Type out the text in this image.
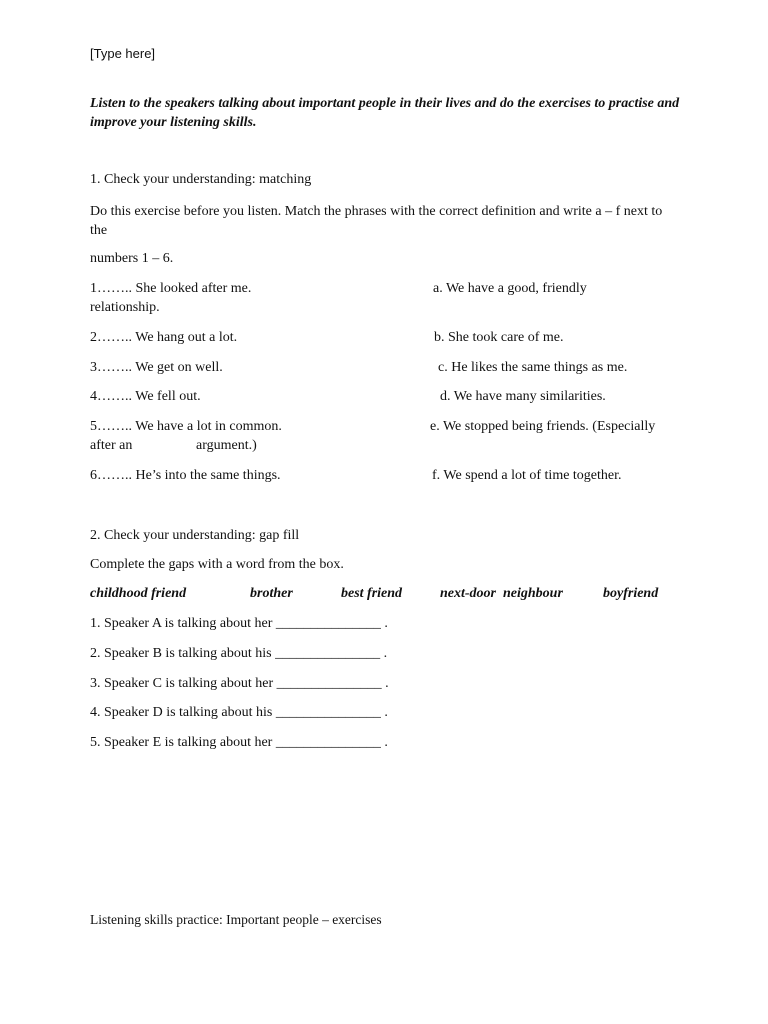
[Type here]
Listen to the speakers talking about important people in their lives and do the exercises to practise and improve your listening skills.
1. Check your understanding: matching
Do this exercise before you listen. Match the phrases with the correct definition and write a – f next to the
numbers 1 – 6.
1…….. She looked after me.	a. We have a good, friendly
relationship.
2…….. We hang out a lot.	b. She took care of me.
3…….. We get on well.	c. He likes the same things as me.
4…….. We fell out.	d. We have many similarities.
5…….. We have a lot in common.	e. We stopped being friends. (Especially
after an	argument.)
6…….. He’s into the same things.	f. We spend a lot of time together.
2. Check your understanding: gap fill
Complete the gaps with a word from the box.
childhood friend	brother	best friend	next-door  neighbour	boyfriend
1. Speaker A is talking about her _______________ .
2. Speaker B is talking about his _______________ .
3. Speaker C is talking about her _______________ .
4. Speaker D is talking about his _______________ .
5. Speaker E is talking about her _______________ .
Listening skills practice: Important people – exercises
